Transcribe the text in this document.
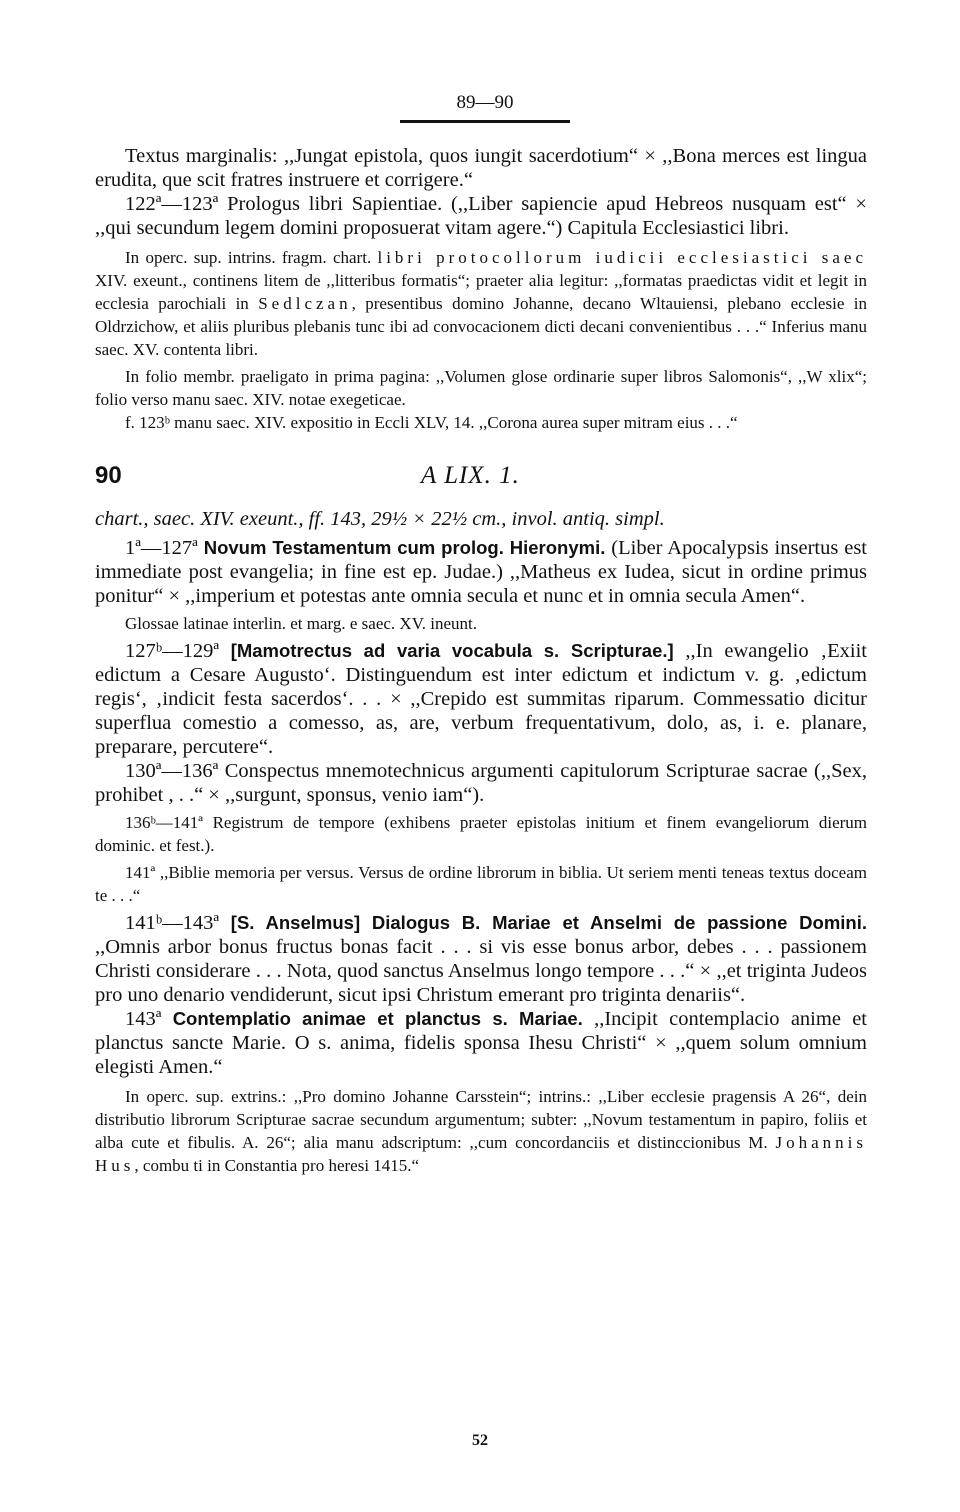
89—90

Textus marginalis: ,,Jungat epistola, quos iungit sacerdotium“ × ,,Bona merces est lingua erudita, que scit fratres instruere et corrigere.“

122ª—123ª Prologus libri Sapientiae. (,,Liber sapiencie apud Hebreos nusquam est“ × ,,qui secundum legem domini proposuerat vitam agere.“) Capitula Ecclesiastici libri.

In operc. sup. intrins. fragm. chart. libri protocollorum iudicii ecclesiastici saec XIV. exeunt., continens litem de ,,litteribus formatis“; praeter alia legitur: ,,formatas praedictas vidit et legit in ecclesia parochiali in Sedlczan, presentibus domino Johanne, decano Wltauiensi, plebano ecclesie in Oldrzichow, et aliis pluribus plebanis tunc ibi ad convocacionem dicti decani convenientibus . . .“ Inferius manu saec. XV. contenta libri.

In folio membr. praeligato in prima pagina: ,,Volumen glose ordinarie super libros Salomonis“, ,,W xlix“; folio verso manu saec. XIV. notae exegeticae.

f. 123ᵇ manu saec. XIV. expositio in Eccli XLV, 14. ,,Corona aurea super mitram eius . . .“

90	A LIX. 1.

chart., saec. XIV. exeunt., ff. 143, 29½ × 22½ cm., invol. antiq. simpl.

1ª—127ª Novum Testamentum cum prolog. Hieronymi. (Liber Apocalypsis insertus est immediate post evangelia; in fine est ep. Judae.) ,,Matheus ex Iudea, sicut in ordine primus ponitur“ × ,,imperium et potestas ante omnia secula et nunc et in omnia secula Amen“.

Glossae latinae interlin. et marg. e saec. XV. ineunt.

127ᵇ—129ª [Mamotrectus ad varia vocabula s. Scripturae.] ,,In ewangelio ‚Exiit edictum a Cesare Augusto‘. Distinguendum est inter edictum et indictum v. g. ‚edictum regis‘, ‚indicit festa sacerdos‘. . . × ,,Crepido est summitas riparum. Commessatio dicitur superflua comestio a comesso, as, are, verbum frequentativum, dolo, as, i. e. planare, preparare, percutere“.

130ª—136ª Conspectus mnemotechnicus argumenti capitulorum Scripturae sacrae (,,Sex, prohibet , . .“ × ,,surgunt, sponsus, venio iam“).

136ᵇ—141ª Registrum de tempore (exhibens praeter epistolas initium et finem evangeliorum dierum dominic. et fest.).

141ª ,,Biblie memoria per versus. Versus de ordine librorum in biblia. Ut seriem menti teneas textus doceam te . . .“

141ᵇ—143ª [S. Anselmus] Dialogus B. Mariae et Anselmi de passione Domini. ,,Omnis arbor bonus fructus bonas facit . . . si vis esse bonus arbor, debes . . . passionem Christi considerare . . . Nota, quod sanctus Anselmus longo tempore . . .“ × ,,et triginta Judeos pro uno denario vendiderunt, sicut ipsi Christum emerant pro triginta denariis“.

143ª Contemplatio animae et planctus s. Mariae. ,,Incipit contemplacio anime et planctus sancte Marie. O s. anima, fidelis sponsa Ihesu Christi“ × ,,quem solum omnium elegisti Amen.“

In operc. sup. extrins.: ,,Pro domino Johanne Carsstein“; intrins.: ,,Liber ecclesie pragensis A 26“, dein distributio librorum Scripturae sacrae secundum argumentum; subter: ,,Novum testamentum in papiro, foliis et alba cute et fibulis. A. 26“; alia manu adscriptum: ,,cum concordanciis et distinccionibus M. Johannis Hus, combu ti in Constantia pro heresi 1415.“

52
